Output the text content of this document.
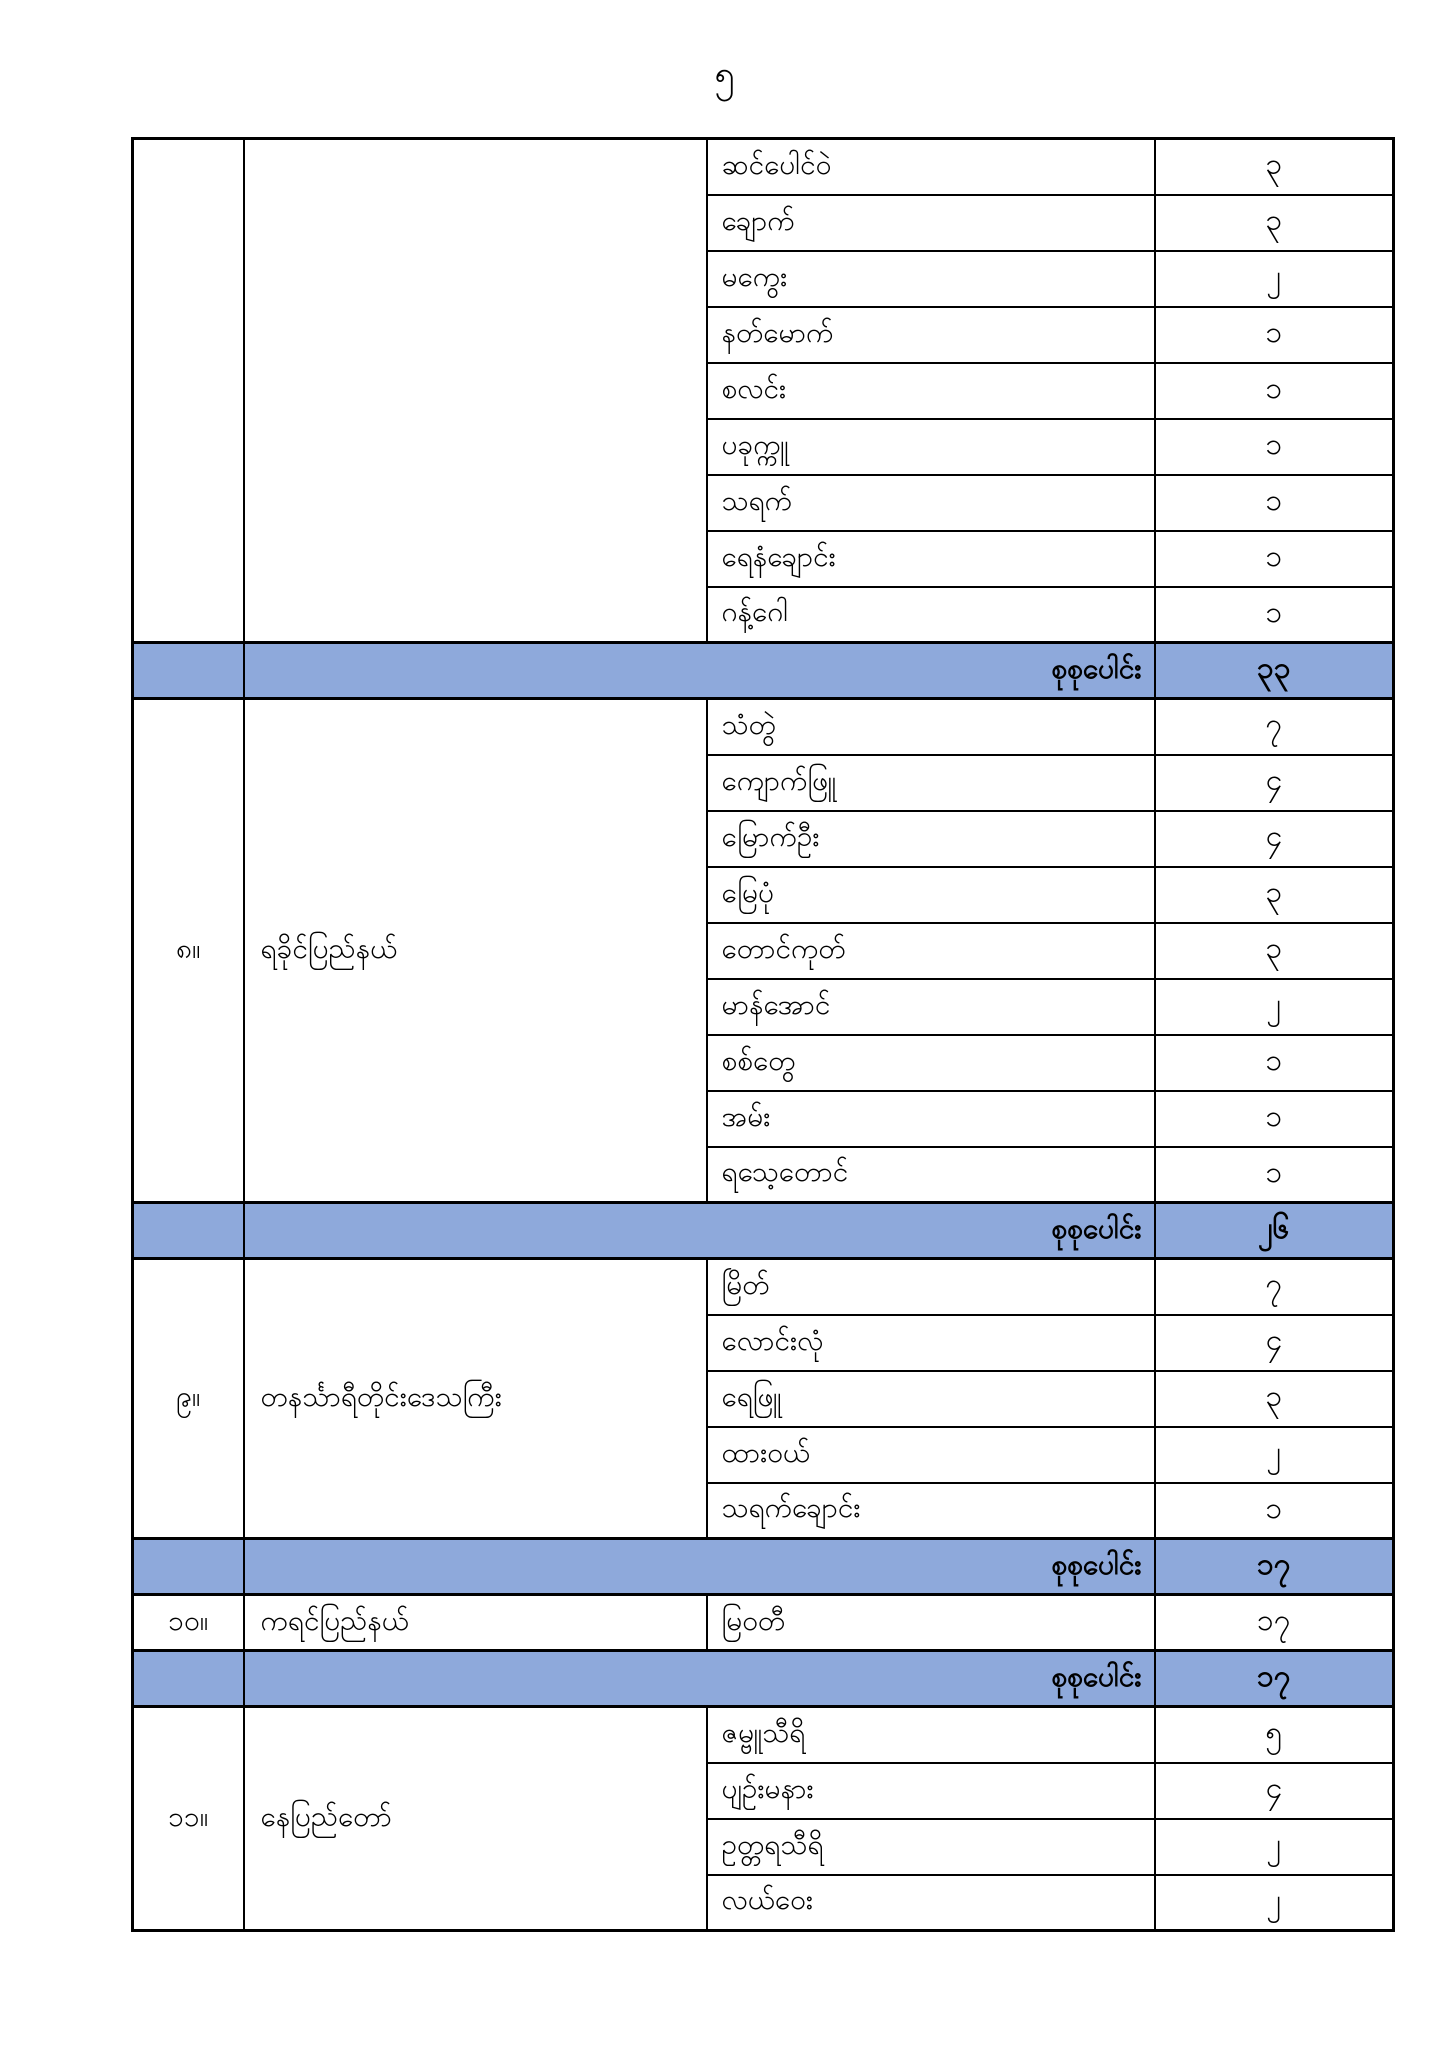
၅
		ဆင်ပေါင်ဝဲ	၃
		ချောက်	၃
		မကွေး	၂
		နတ်မောက်	၁
		စလင်း	၁
		ပခုက္ကူ	၁
		သရက်	၁
		ရေနံချောင်း	၁
		ဂန့်ဂေါ	၁
	စုစုပေါင်း		၃၃
၈။	ရခိုင်ပြည်နယ်	သံတွဲ	၇
		ကျောက်ဖြူ	၄
		မြောက်ဦး	၄
		မြေပုံ	၃
		တောင်ကုတ်	၃
		မာန်အောင်	၂
		စစ်တွေ	၁
		အမ်း	၁
		ရသေ့တောင်	၁
	စုစုပေါင်း		၂၆
၉။	တနင်္သာရီတိုင်းဒေသကြီး	မြိတ်	၇
		လောင်းလုံ	၄
		ရေဖြူ	၃
		ထားဝယ်	၂
		သရက်ချောင်း	၁
	စုစုပေါင်း		၁၇
၁၀။	ကရင်ပြည်နယ်	မြဝတီ	၁၇
	စုစုပေါင်း		၁၇
၁၁။	နေပြည်တော်	ဇမ္ဗူသီရိ	၅
		ပျဉ်းမနား	၄
		ဥတ္တရသီရိ	၂
		လယ်ဝေး	၂
